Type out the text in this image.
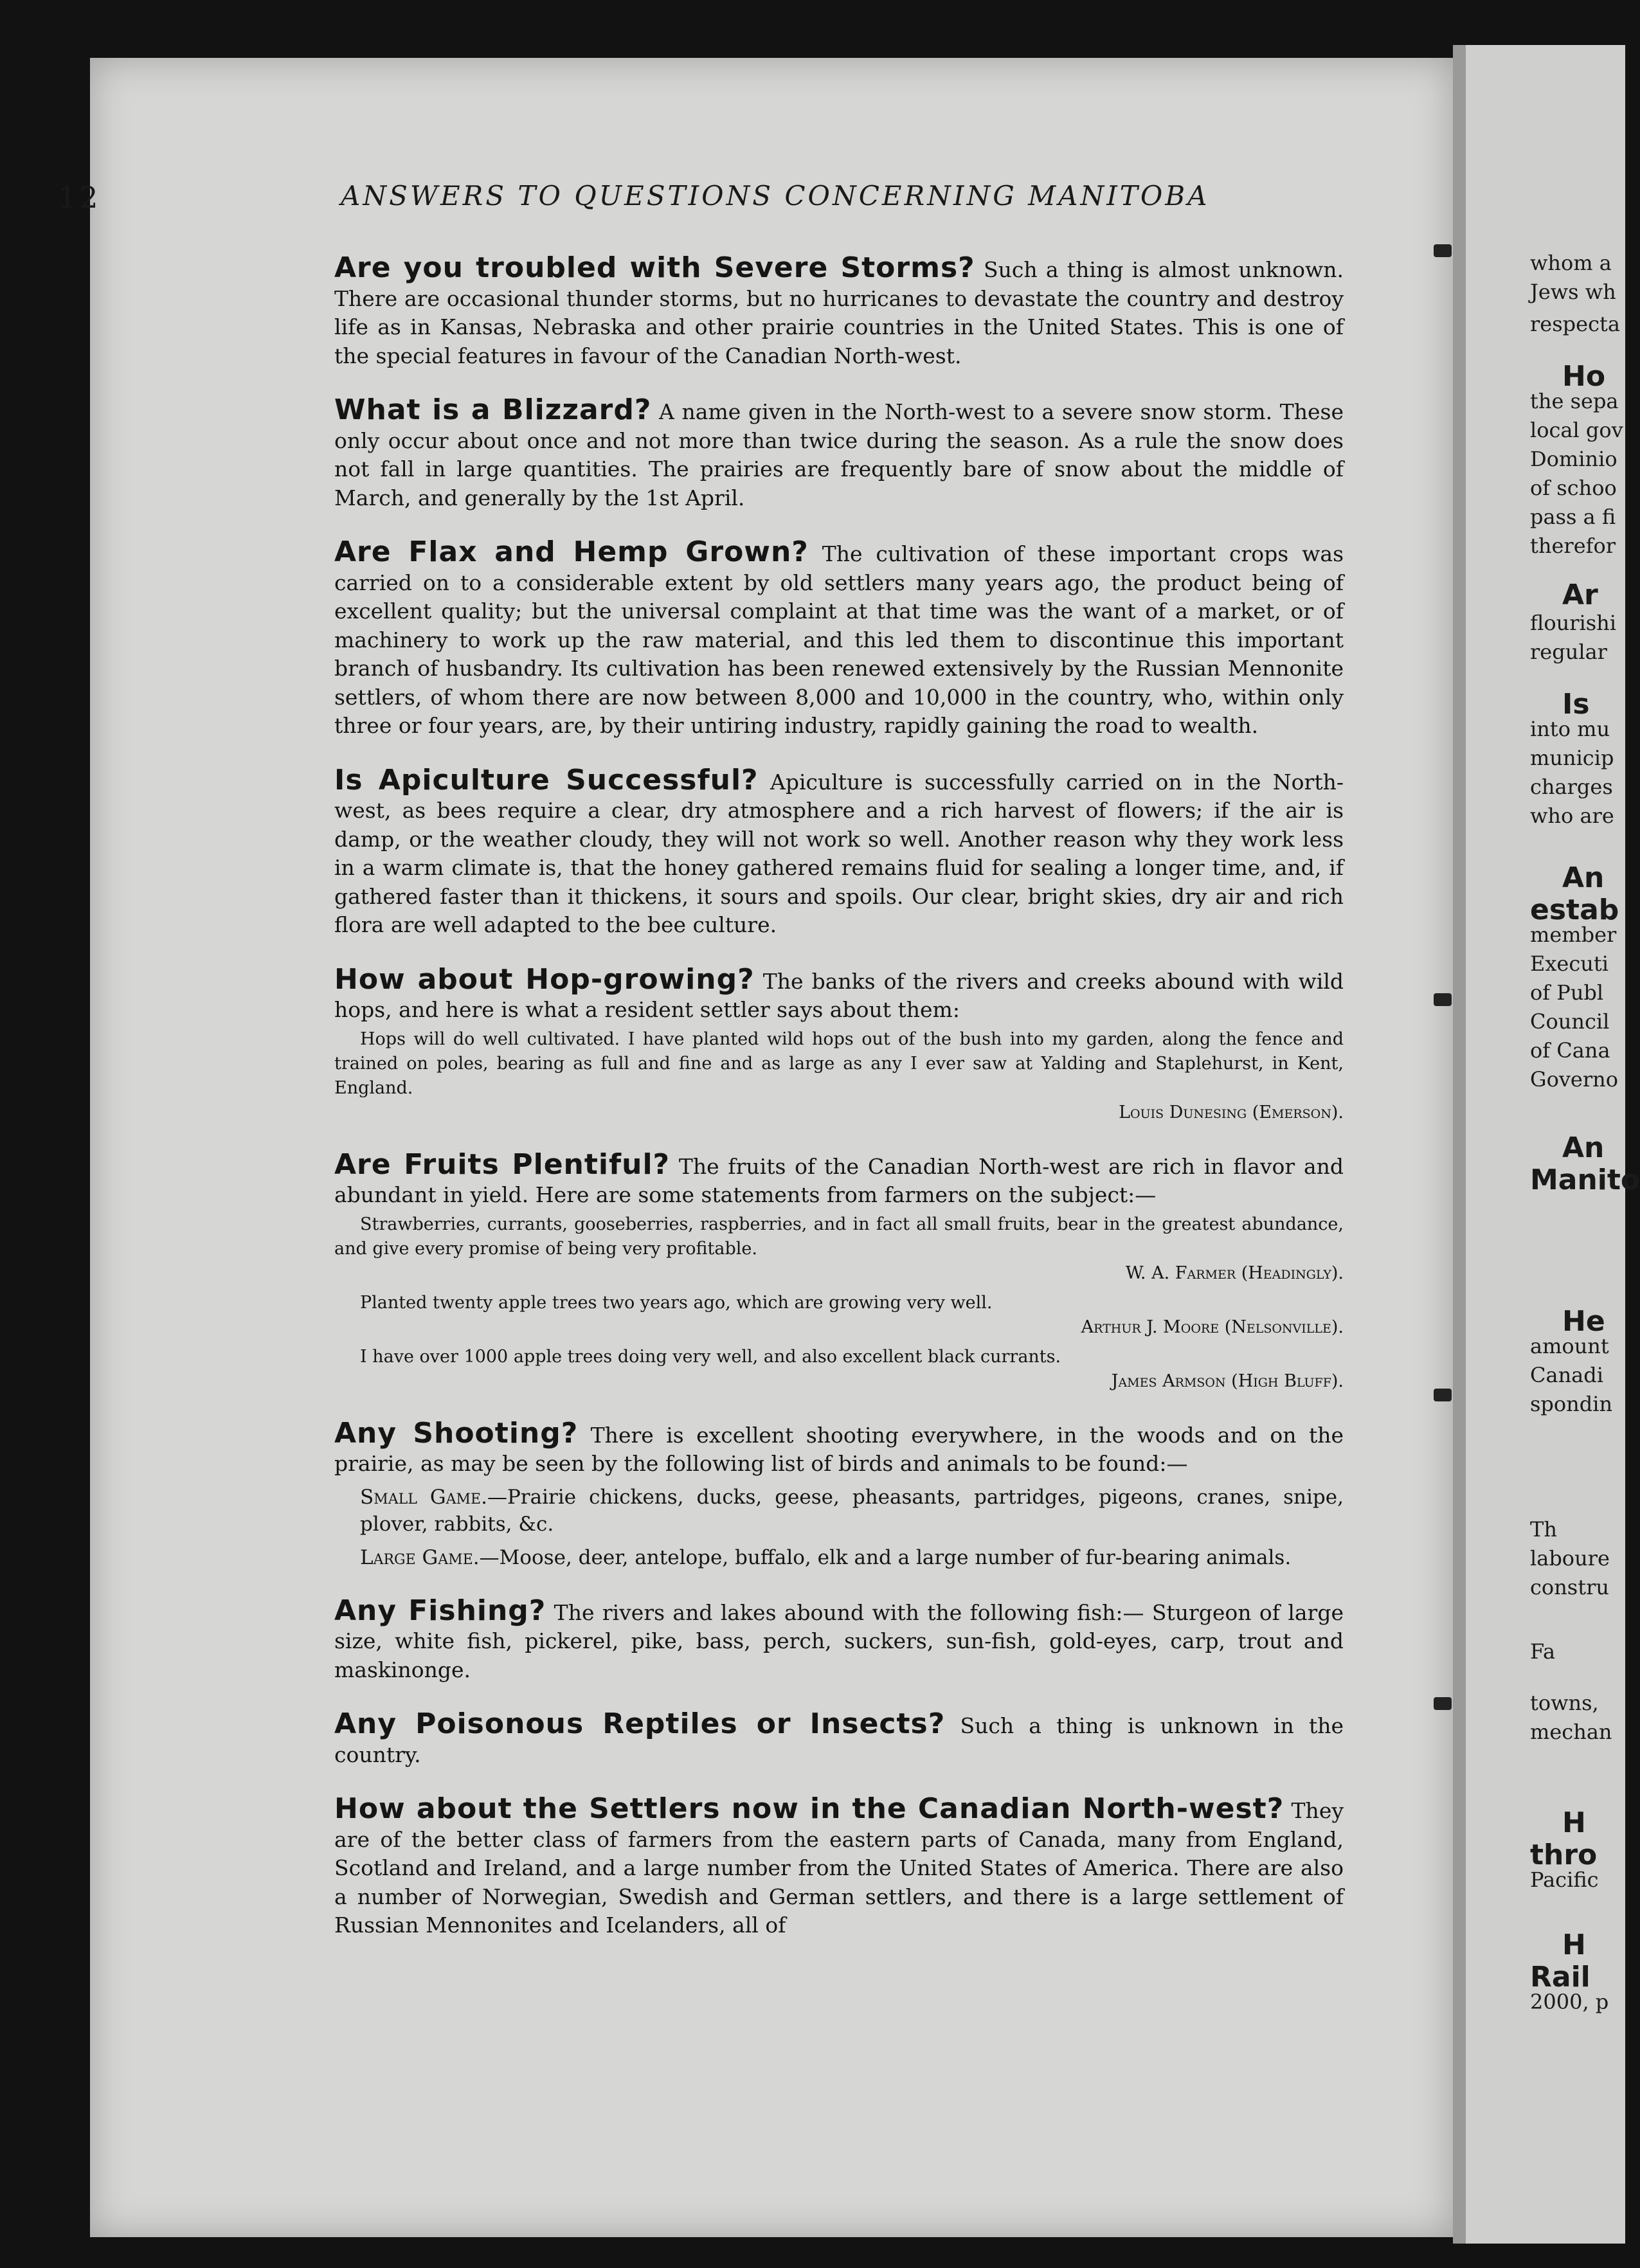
whom a
Jews wh
respecta
Ho
the sepa
local gov
Dominio
of schoo
pass a fi
therefor
Ar
flourishi
regular
Is
into mu
municip
charges
who are
An
estab
member
Executi
of Publ
Council
of Cana
Governo
An
Manito
He
amount
Canadi
spondin
Th
laboure
constru
Fa
towns,
mechan
H
thro
Pacific
H
Rail
2000, p
12	ANSWERS TO QUESTIONS CONCERNING MANITOBA
Are you troubled with Severe Storms? Such a thing is almost unknown. There are occasional thunder storms, but no hurricanes to devastate the country and destroy life as in Kansas, Nebraska and other prairie countries in the United States. This is one of the special features in favour of the Canadian North-west.
What is a Blizzard? A name given in the North-west to a severe snow storm. These only occur about once and not more than twice during the season. As a rule the snow does not fall in large quantities. The prairies are frequently bare of snow about the middle of March, and generally by the 1st April.
Are Flax and Hemp Grown? The cultivation of these important crops was carried on to a considerable extent by old settlers many years ago, the product being of excellent quality; but the universal complaint at that time was the want of a market, or of machinery to work up the raw material, and this led them to discontinue this important branch of husbandry. Its cultivation has been renewed extensively by the Russian Mennonite settlers, of whom there are now between 8,000 and 10,000 in the country, who, within only three or four years, are, by their untiring industry, rapidly gaining the road to wealth.
Is Apiculture Successful? Apiculture is successfully carried on in the North-west, as bees require a clear, dry atmosphere and a rich harvest of flowers; if the air is damp, or the weather cloudy, they will not work so well. Another reason why they work less in a warm climate is, that the honey gathered remains fluid for sealing a longer time, and, if gathered faster than it thickens, it sours and spoils. Our clear, bright skies, dry air and rich flora are well adapted to the bee culture.
How about Hop-growing? The banks of the rivers and creeks abound with wild hops, and here is what a resident settler says about them:
Hops will do well cultivated. I have planted wild hops out of the bush into my garden, along the fence and trained on poles, bearing as full and fine and as large as any I ever saw at Yalding and Staplehurst, in Kent, England.
Louis Dunesing (Emerson).
Are Fruits Plentiful? The fruits of the Canadian North-west are rich in flavor and abundant in yield. Here are some statements from farmers on the subject:—
Strawberries, currants, gooseberries, raspberries, and in fact all small fruits, bear in the greatest abundance, and give every promise of being very profitable.
W. A. Farmer (Headingly).
Planted twenty apple trees two years ago, which are growing very well.
Arthur J. Moore (Nelsonville).
I have over 1000 apple trees doing very well, and also excellent black currants.
James Armson (High Bluff).
Any Shooting? There is excellent shooting everywhere, in the woods and on the prairie, as may be seen by the following list of birds and animals to be found:—
Small Game.—Prairie chickens, ducks, geese, pheasants, partridges, pigeons, cranes, snipe, plover, rabbits, &c.
Large Game.—Moose, deer, antelope, buffalo, elk and a large number of fur-bearing animals.
Any Fishing? The rivers and lakes abound with the following fish:— Sturgeon of large size, white fish, pickerel, pike, bass, perch, suckers, sun-fish, gold-eyes, carp, trout and maskinonge.
Any Poisonous Reptiles or Insects? Such a thing is unknown in the country.
How about the Settlers now in the Canadian North-west? They are of the better class of farmers from the eastern parts of Canada, many from England, Scotland and Ireland, and a large number from the United States of America. There are also a number of Norwegian, Swedish and German settlers, and there is a large settlement of Russian Mennonites and Icelanders, all of
